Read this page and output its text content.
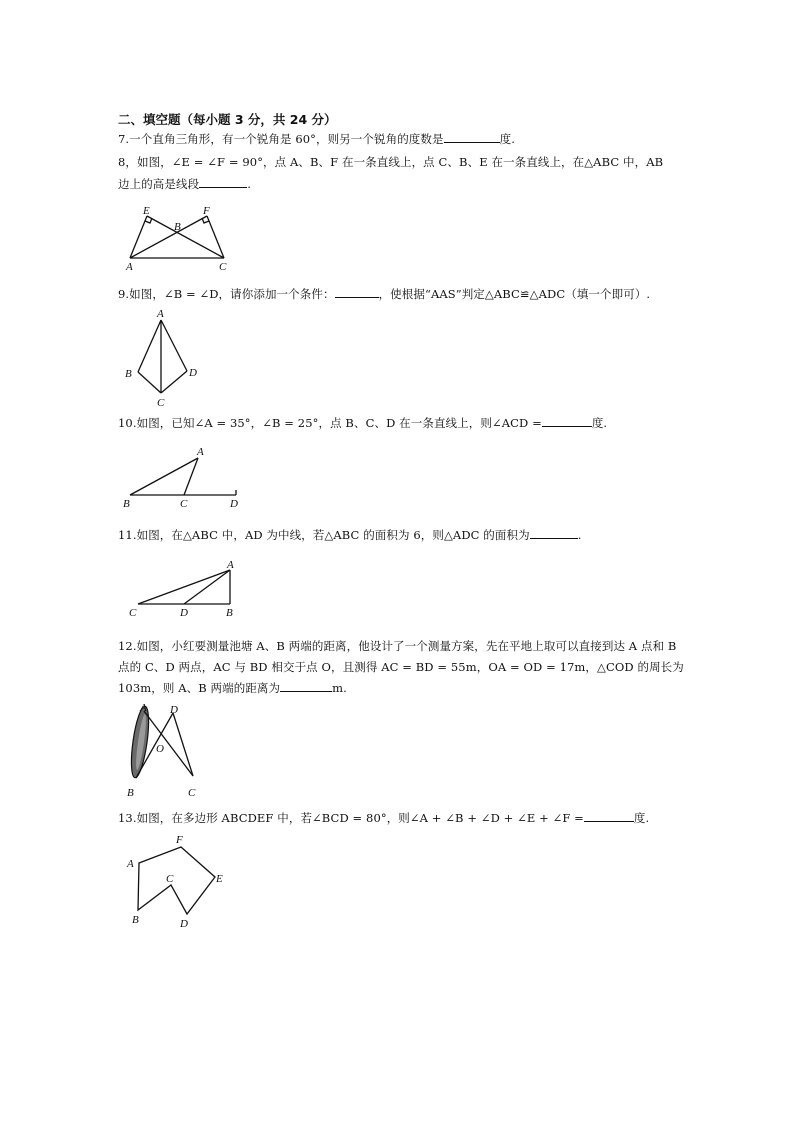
二、填空题（每小题 3 分，共 24 分）
7.一个直角三角形，有一个锐角是 60°，则另一个锐角的度数是	度.
8，如图，∠E = ∠F = 90°，点 A、B、F 在一条直线上，点 C、B、E 在一条直线上，在△ABC 中，AB
边上的高是线段	.
E	F
B
A	C
9.如图，∠B = ∠D，请你添加一个条件：	，使根据“AAS”判定△ABC≌△ADC（填一个即可）.
A
B
C
D
10.如图，已知∠A = 35°，∠B = 25°，点 B、C、D 在一条直线上，则∠ACD =	度.
A
B	C	D
11.如图，在△ABC 中，AD 为中线，若△ABC 的面积为 6，则△ADC 的面积为	.
A
B
C	D
12.如图，小红要测量池塘 A、B 两端的距离，他设计了一个测量方案，先在平地上取可以直接到达 A 点和 B
点的 C、D 两点，AC 与 BD 相交于点 O，且测得 AC = BD = 55m，OA = OD = 17m，△COD 的周长为
103m，则 A、B 两端的距离为	m.
A D
O
B	C
13.如图，在多边形 ABCDEF 中，若∠BCD = 80°，则∠A + ∠B + ∠D + ∠E + ∠F =	度.
A
F
E
C
B	D
